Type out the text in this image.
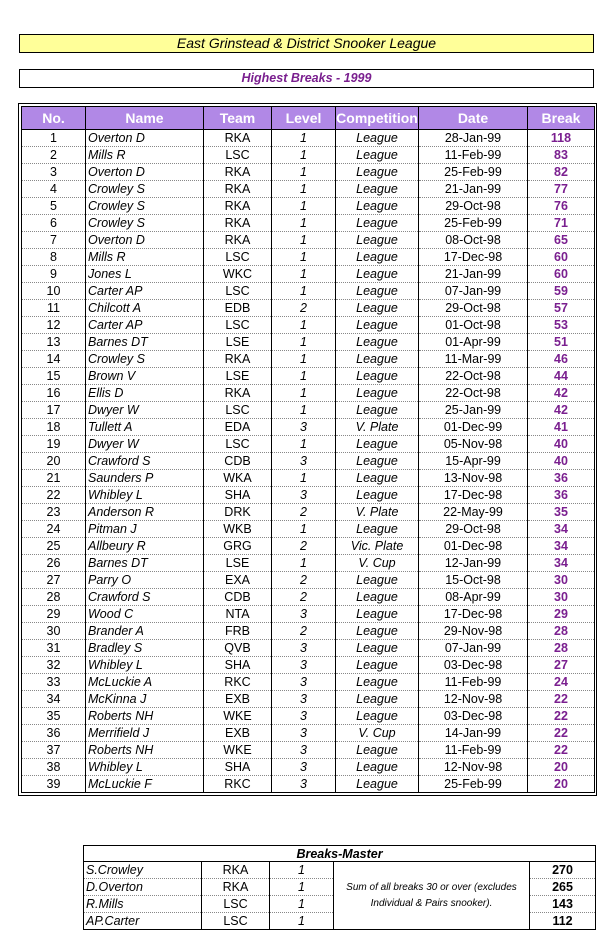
East Grinstead & District Snooker League
Highest Breaks - 1999
No.	Name	Team	Level	Competition	Date	Break
1	Overton D	RKA	1	League	28-Jan-99	118
2	Mills R	LSC	1	League	11-Feb-99	83
3	Overton D	RKA	1	League	25-Feb-99	82
4	Crowley S	RKA	1	League	21-Jan-99	77
5	Crowley S	RKA	1	League	29-Oct-98	76
6	Crowley S	RKA	1	League	25-Feb-99	71
7	Overton D	RKA	1	League	08-Oct-98	65
8	Mills R	LSC	1	League	17-Dec-98	60
9	Jones L	WKC	1	League	21-Jan-99	60
10	Carter AP	LSC	1	League	07-Jan-99	59
11	Chilcott A	EDB	2	League	29-Oct-98	57
12	Carter AP	LSC	1	League	01-Oct-98	53
13	Barnes DT	LSE	1	League	01-Apr-99	51
14	Crowley S	RKA	1	League	11-Mar-99	46
15	Brown V	LSE	1	League	22-Oct-98	44
16	Ellis D	RKA	1	League	22-Oct-98	42
17	Dwyer W	LSC	1	League	25-Jan-99	42
18	Tullett A	EDA	3	V. Plate	01-Dec-99	41
19	Dwyer W	LSC	1	League	05-Nov-98	40
20	Crawford S	CDB	3	League	15-Apr-99	40
21	Saunders P	WKA	1	League	13-Nov-98	36
22	Whibley L	SHA	3	League	17-Dec-98	36
23	Anderson R	DRK	2	V. Plate	22-May-99	35
24	Pitman J	WKB	1	League	29-Oct-98	34
25	Allbeury R	GRG	2	Vic. Plate	01-Dec-98	34
26	Barnes DT	LSE	1	V. Cup	12-Jan-99	34
27	Parry O	EXA	2	League	15-Oct-98	30
28	Crawford S	CDB	2	League	08-Apr-99	30
29	Wood C	NTA	3	League	17-Dec-98	29
30	Brander A	FRB	2	League	29-Nov-98	28
31	Bradley S	QVB	3	League	07-Jan-99	28
32	Whibley L	SHA	3	League	03-Dec-98	27
33	McLuckie A	RKC	3	League	11-Feb-99	24
34	McKinna J	EXB	3	League	12-Nov-98	22
35	Roberts NH	WKE	3	League	03-Dec-98	22
36	Merrifield J	EXB	3	V. Cup	14-Jan-99	22
37	Roberts NH	WKE	3	League	11-Feb-99	22
38	Whibley L	SHA	3	League	12-Nov-98	20
39	McLuckie F	RKC	3	League	25-Feb-99	20
Breaks-Master				
S.Crowley	RKA	1	Sum of all breaks 30 or over (excludes Individual & Pairs snooker).	270
D.Overton	RKA	1		265
R.Mills	LSC	1		143
AP.Carter	LSC	1		112
